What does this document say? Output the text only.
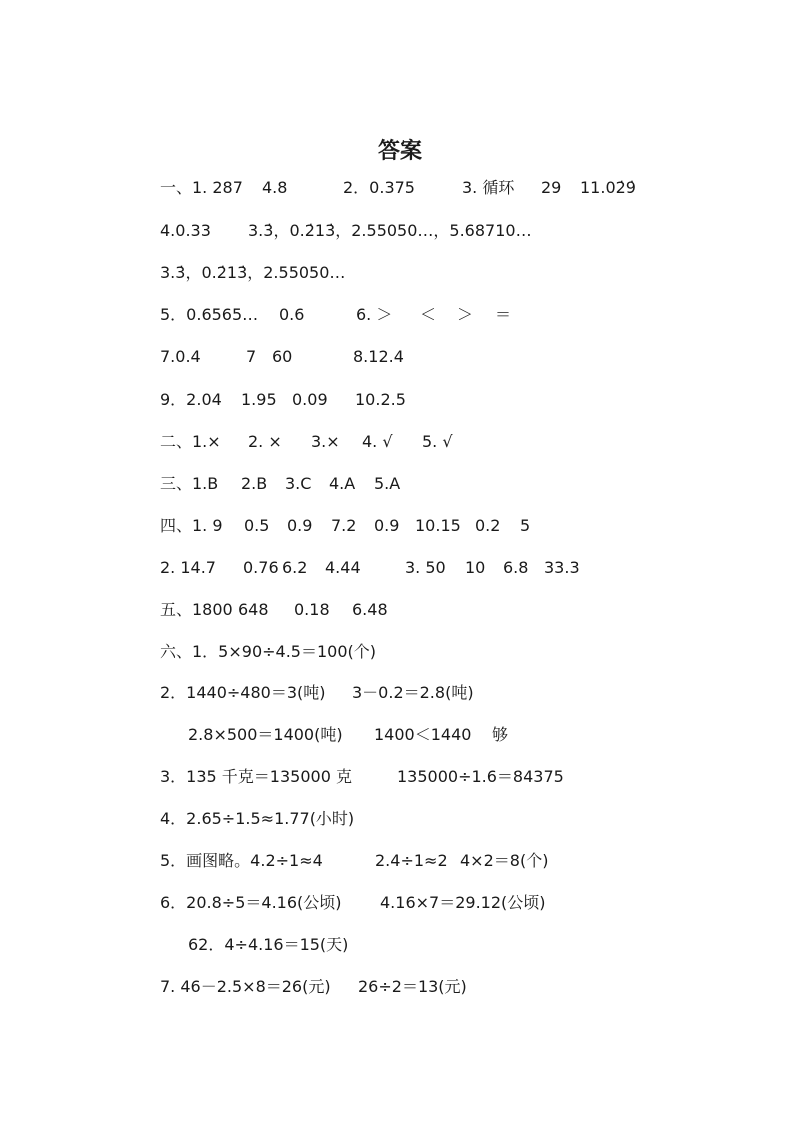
答案
一、1. 287 4.8	2．0.375	3. 循环 29 11.02̇9̇
4.0.33 3.3̇，0.2̇13̇，2.55050…，5.68710…
3.3̇，0.2̇13̇，2.55050…
5．0.6565… 0.6	6. ＞ ＜ ＞ ＝
7.0.4	7 60	8.12.4
9．2.04 1.95 0.09 10.2.5
二、1.× 2. × 3.× 4. √ 5. √
三、1.B 2.B 3.C 4.A 5.A
四、1. 9 0.5 0.9 7.2 0.9 10.15 0.2 5
2. 14.7 0.76 6.2 4.44	3. 50 10 6.8 33.3
五、1800 648 0.18 6.48
六、1．5×90÷4.5＝100(个)
2．1440÷480＝3(吨) 3－0.2＝2.8(吨)
2.8×500＝1400(吨) 1400＜1440 够
3．135 千克＝135000 克	135000÷1.6＝84375
4．2.65÷1.5≈1.77(小时)
5．画图略。4.2÷1≈4	2.4÷1≈2 4×2＝8(个)
6．20.8÷5＝4.16(公顷) 4.16×7＝29.12(公顷)
62．4÷4.16＝15(天)
7. 46－2.5×8＝26(元) 26÷2＝13(元)
